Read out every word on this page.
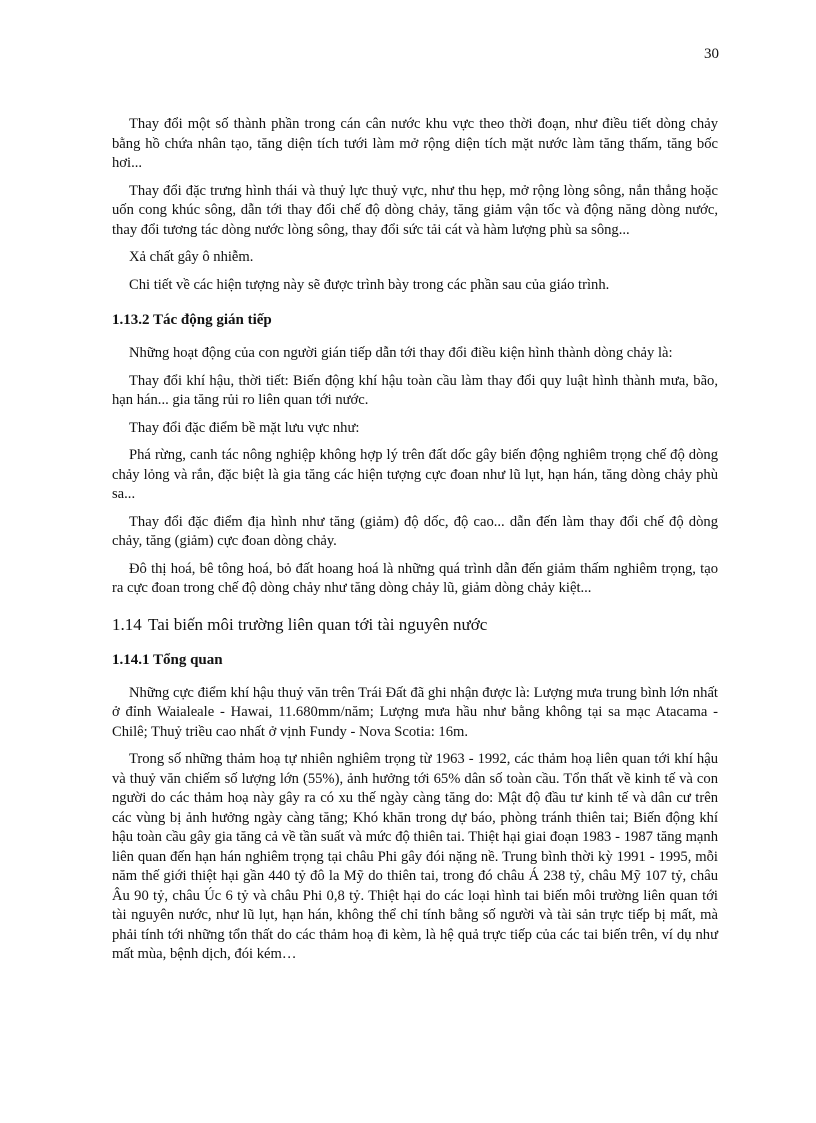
30

Thay đổi một số thành phần trong cán cân nước khu vực theo thời đoạn, như điều tiết dòng chảy bằng hồ chứa nhân tạo, tăng diện tích tưới làm mở rộng diện tích mặt nước làm tăng thấm, tăng bốc hơi...

Thay đổi đặc trưng hình thái và thuỷ lực thuỷ vực, như thu hẹp, mở rộng lòng sông, nắn thẳng hoặc uốn cong khúc sông, dẫn tới thay đổi chế độ dòng chảy, tăng giảm vận tốc và động năng dòng nước, thay đổi tương tác dòng nước lòng sông, thay đổi sức tải cát và hàm lượng phù sa sông...

Xả chất gây ô nhiễm.

Chi tiết về các hiện tượng này sẽ được trình bày trong các phần sau của giáo trình.

1.13.2 Tác động gián tiếp

Những hoạt động của con người gián tiếp dẫn tới thay đổi điều kiện hình thành dòng chảy là:

Thay đổi khí hậu, thời tiết: Biến động khí hậu toàn cầu làm thay đổi quy luật hình thành mưa, bão, hạn hán... gia tăng rủi ro liên quan tới nước.

Thay đổi đặc điểm bề mặt lưu vực như:

Phá rừng, canh tác nông nghiệp không hợp lý trên đất dốc gây biến động nghiêm trọng chế độ dòng chảy lỏng và rắn, đặc biệt là gia tăng các hiện tượng cực đoan như lũ lụt, hạn hán, tăng dòng chảy phù sa...

Thay đổi đặc điểm địa hình như tăng (giảm) độ dốc, độ cao... dẫn đến làm thay đổi chế độ dòng chảy, tăng (giảm) cực đoan dòng chảy.

Đô thị hoá, bê tông hoá, bỏ đất hoang hoá là những quá trình dẫn đến giảm thấm nghiêm trọng, tạo ra cực đoan trong chế độ dòng chảy như tăng dòng chảy lũ, giảm dòng chảy kiệt...

1.14 Tai biến môi trường liên quan tới tài nguyên nước
1.14.1 Tổng quan

Những cực điểm khí hậu thuỷ văn trên Trái Đất đã ghi nhận được là: Lượng mưa trung bình lớn nhất ở đỉnh Waialeale - Hawai, 11.680mm/năm; Lượng mưa hầu như bằng không tại sa mạc Atacama - Chilê; Thuỷ triều cao nhất ở vịnh Fundy - Nova Scotia: 16m.

Trong số những thảm hoạ tự nhiên nghiêm trọng từ 1963 - 1992, các thảm hoạ liên quan tới khí hậu và thuỷ văn chiếm số lượng lớn (55%), ảnh hưởng tới 65% dân số toàn cầu. Tổn thất về kinh tế và con người do các thảm hoạ này gây ra có xu thế ngày càng tăng do: Mật độ đầu tư kinh tế và dân cư trên các vùng bị ảnh hưởng ngày càng tăng; Khó khăn trong dự báo, phòng tránh thiên tai; Biến động khí hậu toàn cầu gây gia tăng cả về tần suất và mức độ thiên tai. Thiệt hại giai đoạn 1983 - 1987 tăng mạnh liên quan đến hạn hán nghiêm trọng tại châu Phi gây đói nặng nề. Trung bình thời kỳ 1991 - 1995, mỗi năm thế giới thiệt hại gần 440 tỷ đô la Mỹ do thiên tai, trong đó châu Á 238 tỷ, châu Mỹ 107 tỷ, châu Âu 90 tỷ, châu Úc 6 tỷ và châu Phi 0,8 tỷ. Thiệt hại do các loại hình tai biến môi trường liên quan tới tài nguyên nước, như lũ lụt, hạn hán, không thể chỉ tính bằng số người và tài sản trực tiếp bị mất, mà phải tính tới những tổn thất do các thảm hoạ đi kèm, là hệ quả trực tiếp của các tai biến trên, ví dụ như mất mùa, bệnh dịch, đói kém…
